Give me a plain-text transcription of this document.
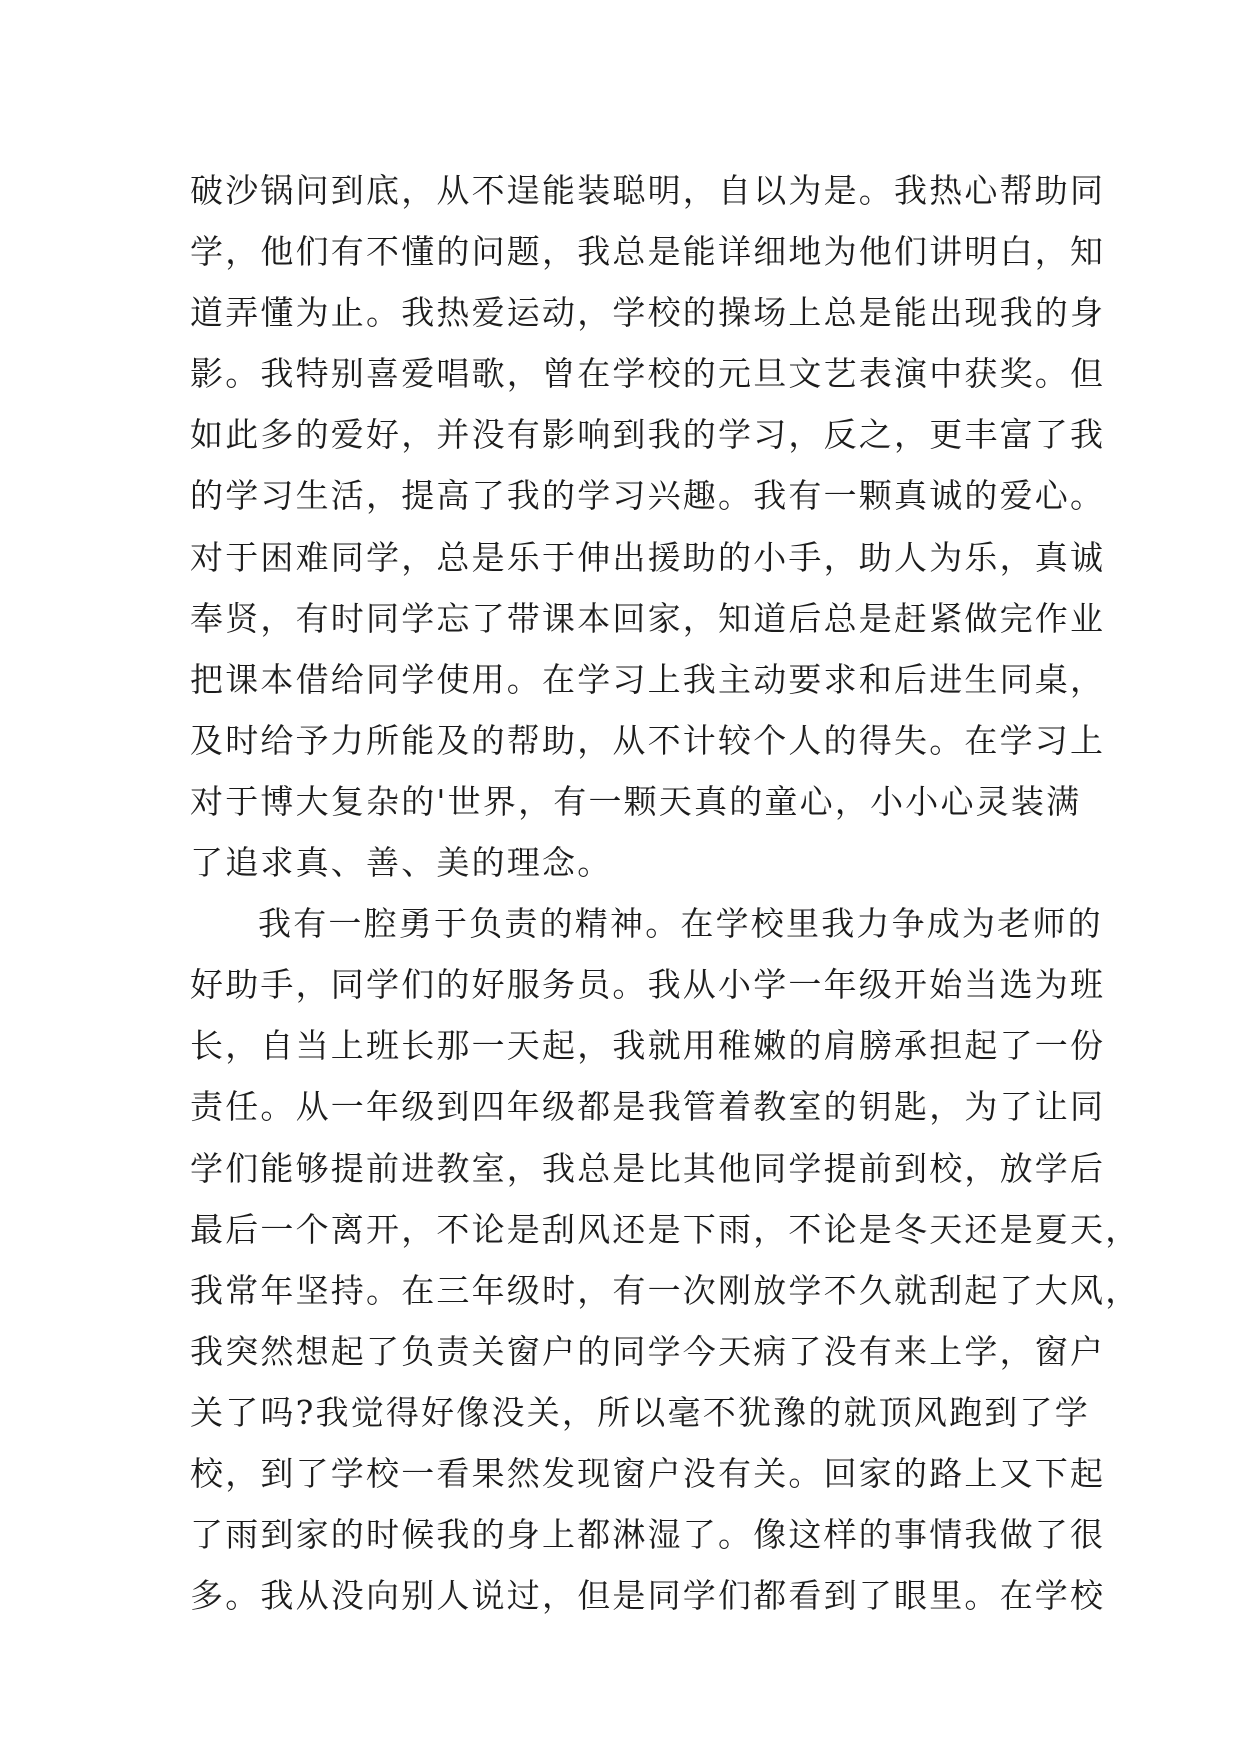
破沙锅问到底，从不逞能装聪明，自以为是。我热心帮助同
学，他们有不懂的问题，我总是能详细地为他们讲明白，知
道弄懂为止。我热爱运动，学校的操场上总是能出现我的身
影。我特别喜爱唱歌，曾在学校的元旦文艺表演中获奖。但
如此多的爱好，并没有影响到我的学习，反之，更丰富了我
的学习生活，提高了我的学习兴趣。我有一颗真诚的爱心。
对于困难同学，总是乐于伸出援助的小手，助人为乐，真诚
奉贤，有时同学忘了带课本回家，知道后总是赶紧做完作业
把课本借给同学使用。在学习上我主动要求和后进生同桌，
及时给予力所能及的帮助，从不计较个人的得失。在学习上
对于博大复杂的'世界，有一颗天真的童心，小小心灵装满
了追求真、善、美的理念。
我有一腔勇于负责的精神。在学校里我力争成为老师的
好助手，同学们的好服务员。我从小学一年级开始当选为班
长，自当上班长那一天起，我就用稚嫩的肩膀承担起了一份
责任。从一年级到四年级都是我管着教室的钥匙，为了让同
学们能够提前进教室，我总是比其他同学提前到校，放学后
最后一个离开，不论是刮风还是下雨，不论是冬天还是夏天，
我常年坚持。在三年级时，有一次刚放学不久就刮起了大风，
我突然想起了负责关窗户的同学今天病了没有来上学，窗户
关了吗?我觉得好像没关，所以毫不犹豫的就顶风跑到了学
校，到了学校一看果然发现窗户没有关。回家的路上又下起
了雨到家的时候我的身上都淋湿了。像这样的事情我做了很
多。我从没向别人说过，但是同学们都看到了眼里。在学校
